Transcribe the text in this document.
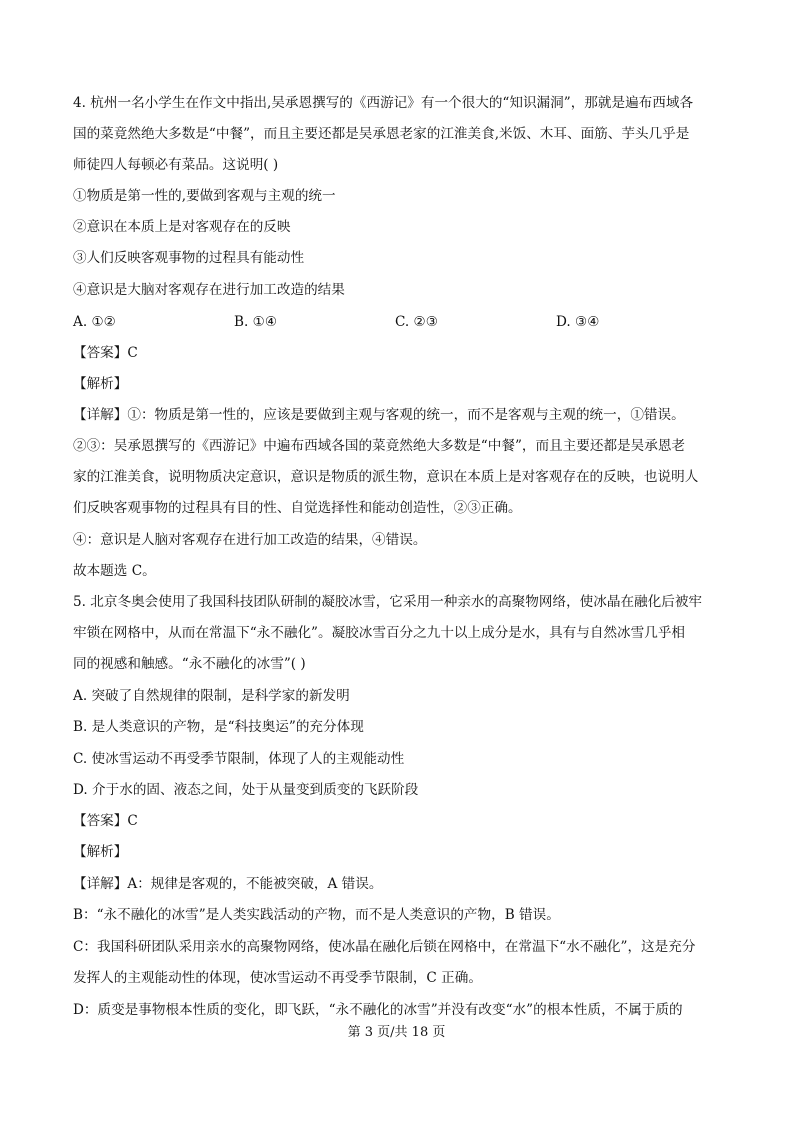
4. 杭州一名小学生在作文中指出,吴承恩撰写的《西游记》有一个很大的“知识漏洞”，那就是遍布西域各

国的菜竟然绝大多数是“中餐”，而且主要还都是吴承恩老家的江淮美食,米饭、木耳、面筋、芋头几乎是

师徒四人每顿必有菜品。这说明( )

①物质是第一性的,要做到客观与主观的统一

②意识在本质上是对客观存在的反映

③人们反映客观事物的过程具有能动性

④意识是大脑对客观存在进行加工改造的结果

A. ①②	B. ①④	C. ②③	D. ③④

【答案】C

【解析】

【详解】①：物质是第一性的，应该是要做到主观与客观的统一，而不是客观与主观的统一，①错误。

②③：吴承恩撰写的《西游记》中遍布西域各国的菜竟然绝大多数是“中餐”，而且主要还都是吴承恩老

家的江淮美食，说明物质决定意识，意识是物质的派生物，意识在本质上是对客观存在的反映，也说明人

们反映客观事物的过程具有目的性、自觉选择性和能动创造性，②③正确。

④：意识是人脑对客观存在进行加工改造的结果，④错误。

故本题选 C。

5. 北京冬奥会使用了我国科技团队研制的凝胶冰雪，它采用一种亲水的高聚物网络，使冰晶在融化后被牢

牢锁在网格中，从而在常温下“永不融化”。凝胶冰雪百分之九十以上成分是水，具有与自然冰雪几乎相

同的视感和触感。“永不融化的冰雪”( )

A. 突破了自然规律的限制，是科学家的新发明

B. 是人类意识的产物，是“科技奥运”的充分体现

C. 使冰雪运动不再受季节限制，体现了人的主观能动性

D. 介于水的固、液态之间，处于从量变到质变的飞跃阶段

【答案】C

【解析】

【详解】A：规律是客观的，不能被突破，A 错误。

B：“永不融化的冰雪”是人类实践活动的产物，而不是人类意识的产物，B 错误。

C：我国科研团队采用亲水的高聚物网络，使冰晶在融化后锁在网格中，在常温下“水不融化”，这是充分

发挥人的主观能动性的体现，使冰雪运动不再受季节限制，C 正确。

D：质变是事物根本性质的变化，即飞跃，“永不融化的冰雪”并没有改变“水”的根本性质，不属于质的

第 3 页/共 18 页
